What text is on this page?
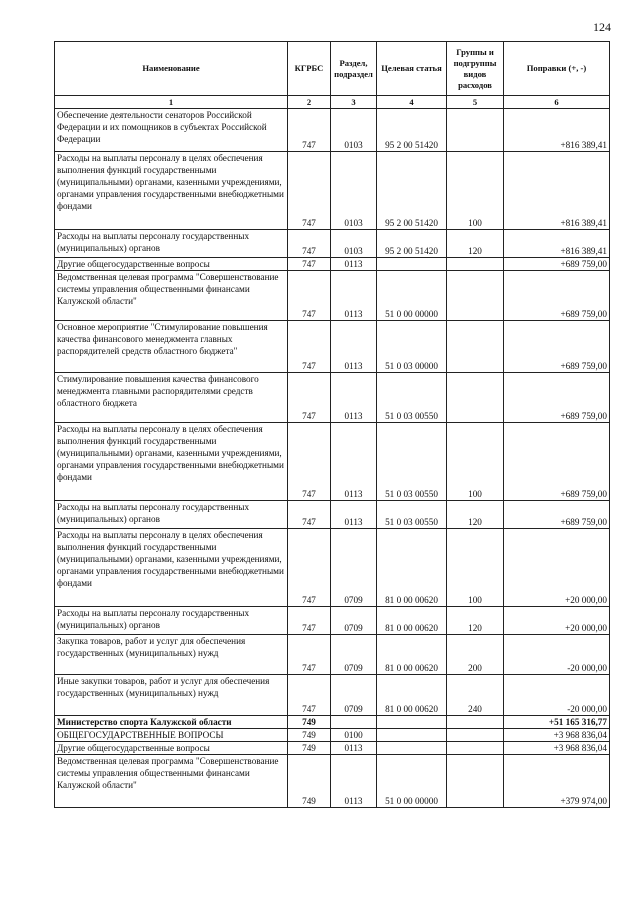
124
Наименование	КГРБС	Раздел, подраздел	Целевая статья	Группы и подгруппы видов расходов	Поправки (+, -)
1	2	3	4	5	6
Обеспечение деятельности сенаторов Российской Федерации и их помощников в субъектах Российской Федерации	747	0103	95 2 00 51420		+816 389,41
Расходы на выплаты персоналу в целях обеспечения выполнения функций государственными (муниципальными) органами, казенными учреждениями, органами управления государственными внебюджетными фондами	747	0103	95 2 00 51420	100	+816 389,41
Расходы на выплаты персоналу государственных (муниципальных) органов	747	0103	95 2 00 51420	120	+816 389,41
Другие общегосударственные вопросы	747	0113			+689 759,00
Ведомственная целевая программа "Совершенствование системы управления общественными финансами Калужской области"	747	0113	51 0 00 00000		+689 759,00
Основное мероприятие "Стимулирование повышения качества финансового менеджмента главных распорядителей средств областного бюджета"	747	0113	51 0 03 00000		+689 759,00
Стимулирование повышения качества финансового менеджмента главными распорядителями средств областного бюджета	747	0113	51 0 03 00550		+689 759,00
Расходы на выплаты персоналу в целях обеспечения выполнения функций государственными (муниципальными) органами, казенными учреждениями, органами управления государственными внебюджетными фондами	747	0113	51 0 03 00550	100	+689 759,00
Расходы на выплаты персоналу государственных (муниципальных) органов	747	0113	51 0 03 00550	120	+689 759,00
Расходы на выплаты персоналу в целях обеспечения выполнения функций государственными (муниципальными) органами, казенными учреждениями, органами управления государственными внебюджетными фондами	747	0709	81 0 00 00620	100	+20 000,00
Расходы на выплаты персоналу государственных (муниципальных) органов	747	0709	81 0 00 00620	120	+20 000,00
Закупка товаров, работ и услуг для обеспечения государственных (муниципальных) нужд	747	0709	81 0 00 00620	200	-20 000,00
Иные закупки товаров, работ и услуг для обеспечения государственных (муниципальных) нужд	747	0709	81 0 00 00620	240	-20 000,00
Министерство спорта Калужской области	749				+51 165 316,77
ОБЩЕГОСУДАРСТВЕННЫЕ ВОПРОСЫ	749	0100			+3 968 836,04
Другие общегосударственные вопросы	749	0113			+3 968 836,04
Ведомственная целевая программа "Совершенствование системы управления общественными финансами Калужской области"	749	0113	51 0 00 00000		+379 974,00
